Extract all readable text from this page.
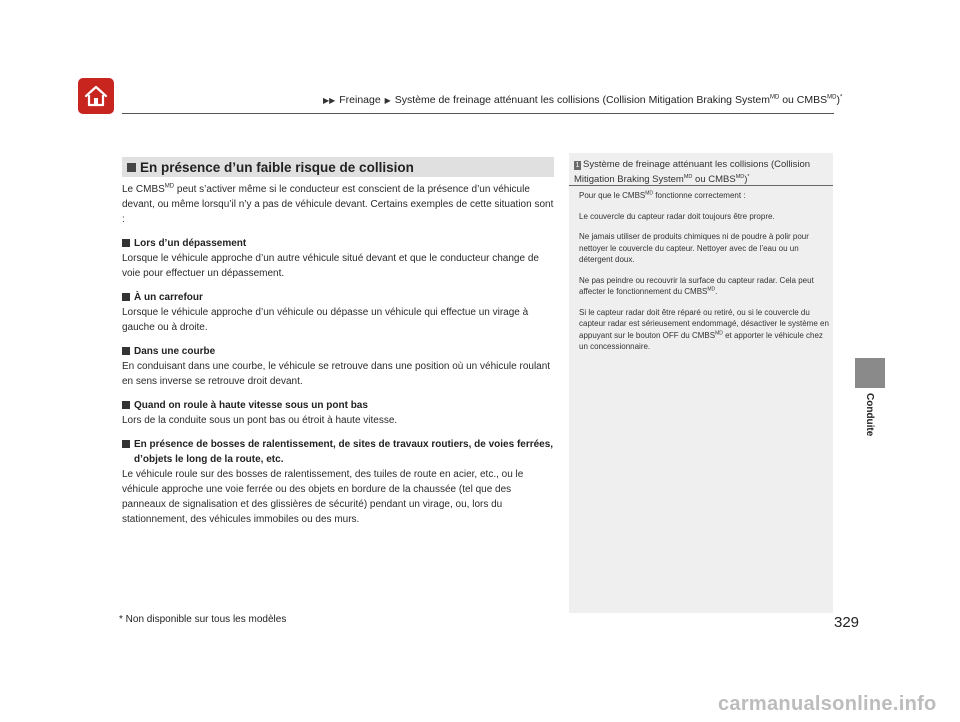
▶▶ Freinage ▶ Système de freinage atténuant les collisions (Collision Mitigation Braking System$^{MD}$ ou $CMBS^{MD})^*$
Conduite
En présence d’un faible risque de collision

Le $CMBS^{MD}$ peut s’activer même si le conducteur est conscient de la présence d’un véhicule devant, ou même lorsqu’il n’y a pas de véhicule devant. Certains exemples de cette situation sont :

Lors d’un dépassement

Lorsque le véhicule approche d’un autre véhicule situé devant et que le conducteur change de voie pour effectuer un dépassement.

À un carrefour

Lorsque le véhicule approche d’un véhicule ou dépasse un véhicule qui effectue un virage à gauche ou à droite.

Dans une courbe

En conduisant dans une courbe, le véhicule se retrouve dans une position où un véhicule roulant en sens inverse se retrouve droit devant.

Quand on roule à haute vitesse sous un pont bas

Lors de la conduite sous un pont bas ou étroit à haute vitesse.

En présence de bosses de ralentissement, de sites de travaux routiers, de voies ferrées, d’objets le long de la route, etc.

Le véhicule roule sur des bosses de ralentissement, des tuiles de route en acier, etc., ou le véhicule approche une voie ferrée ou des objets en bordure de la chaussée (tel que des panneaux de signalisation et des glissières de sécurité) pendant un virage, ou, lors du stationnement, des véhicules immobiles ou des murs.

1 Système de freinage atténuant les collisions (Collision Mitigation Braking System$^{MD}$ ou $CMBS^{MD})^*$

Pour que le $CMBS^{MD}$ fonctionne correctement :

Le couvercle du capteur radar doit toujours être propre.

Ne jamais utiliser de produits chimiques ni de poudre à polir pour nettoyer le couvercle du capteur. Nettoyer avec de l’eau ou un détergent doux.

Ne pas peindre ou recouvrir la surface du capteur radar. Cela peut affecter le fonctionnement du $CMBS^{MD}$.

Si le capteur radar doit être réparé ou retiré, ou si le couvercle du capteur radar est sérieusement endommagé, désactiver le système en appuyant sur le bouton OFF du $CMBS^{MD}$ et apporter le véhicule chez un concessionnaire.

* Non disponible sur tous les modèles	329
carmanualsonline.info
